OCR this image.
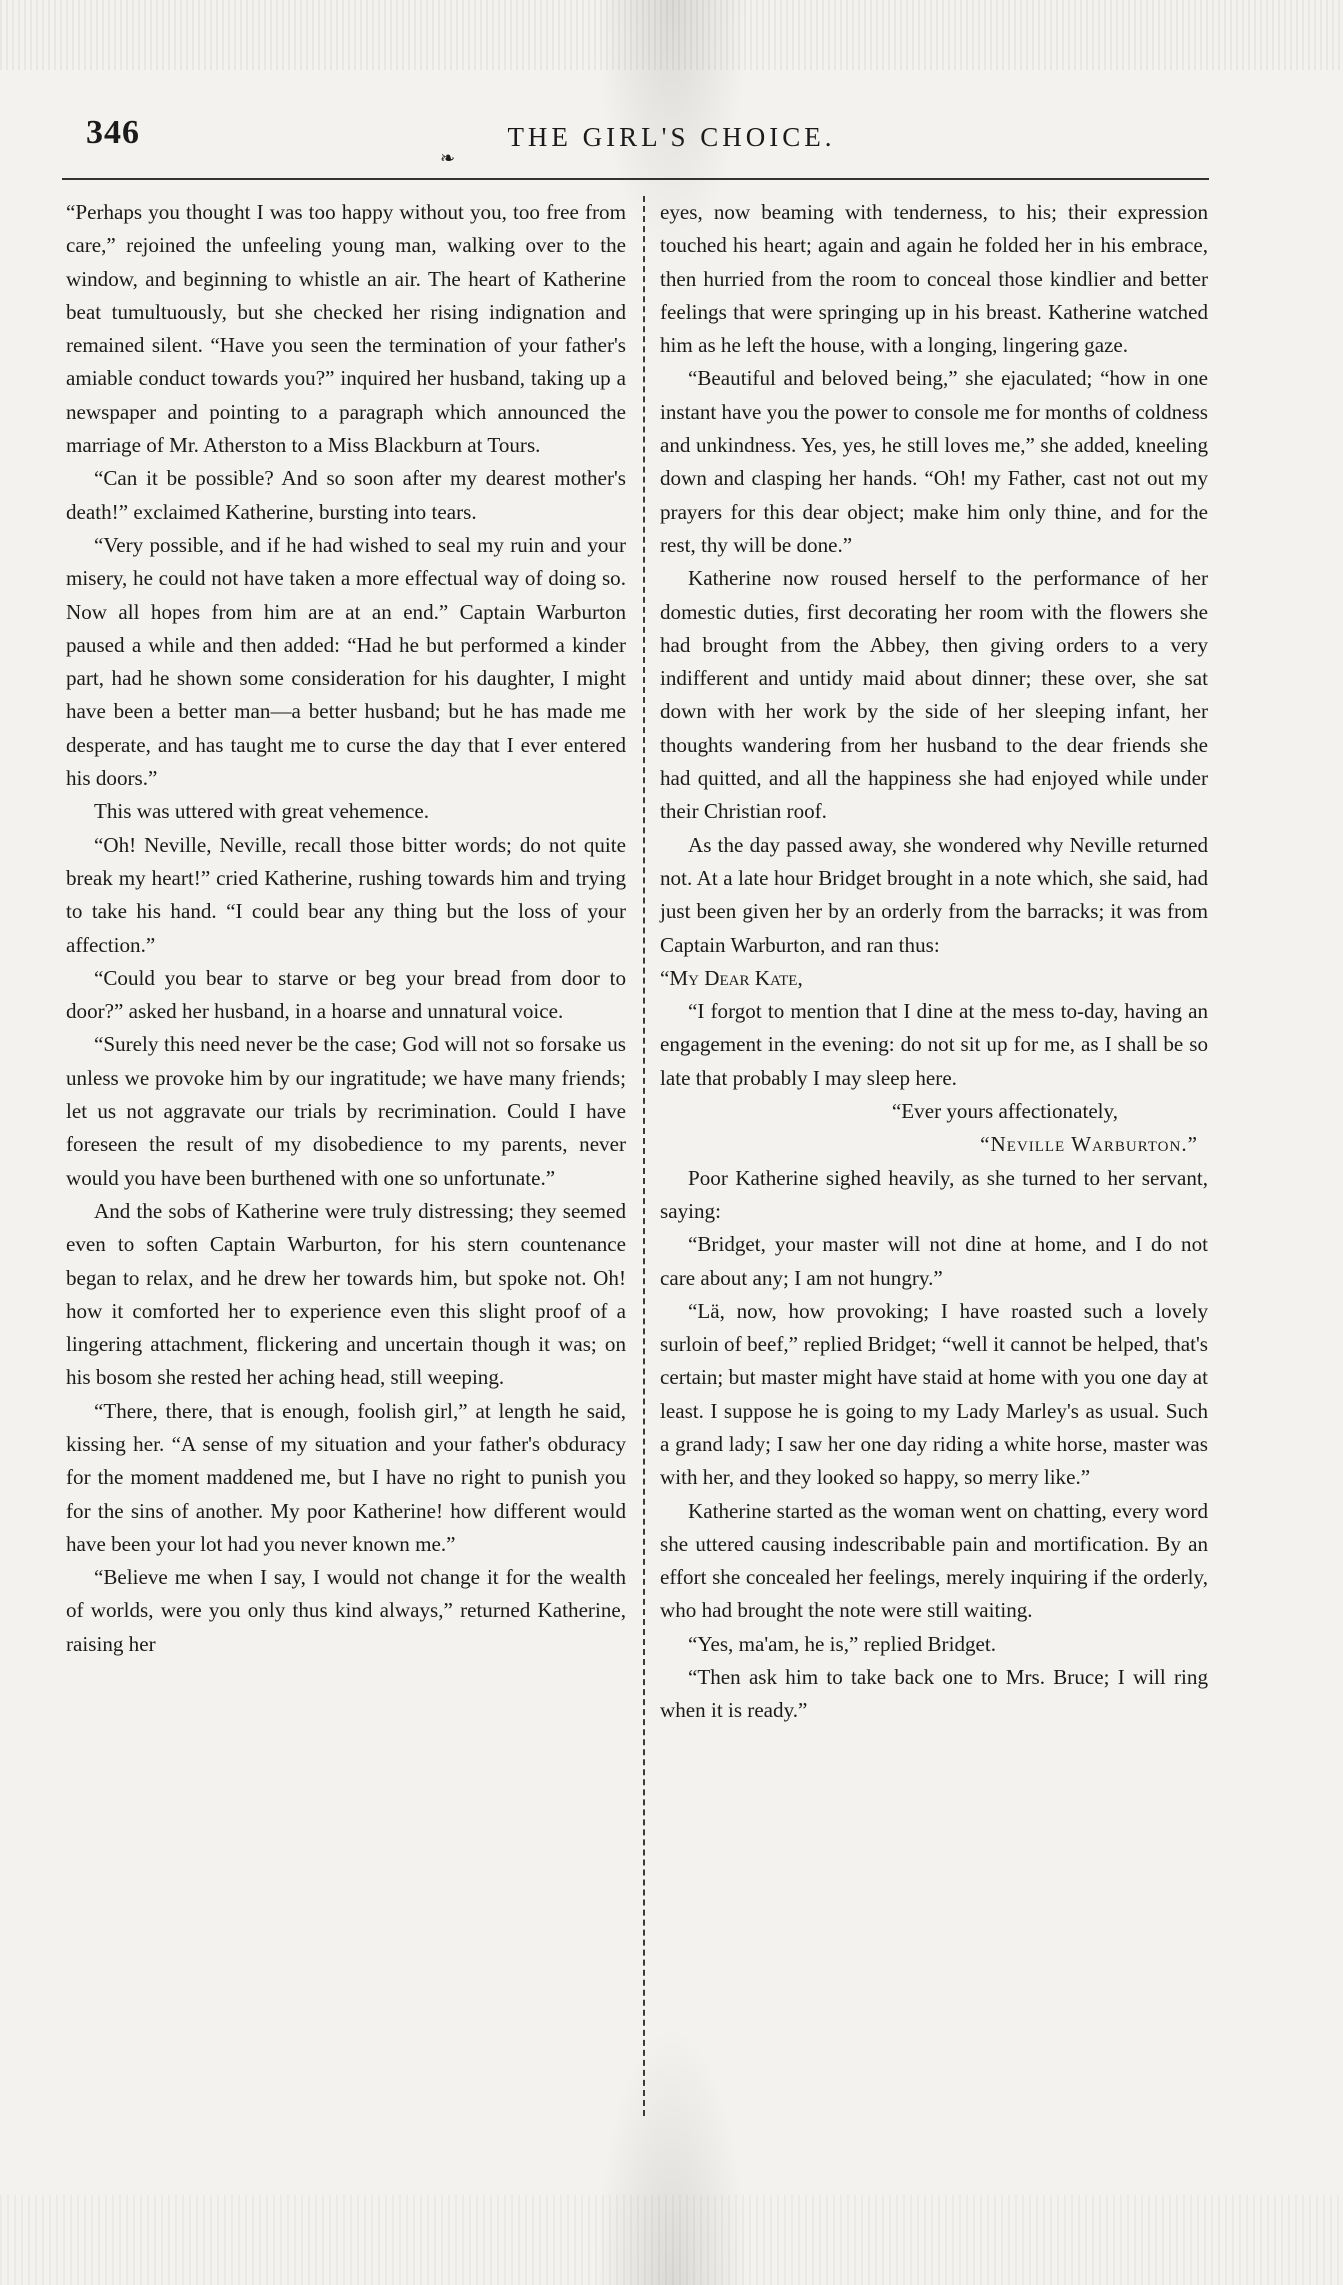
346	THE GIRL'S CHOICE.
❧

“Perhaps you thought I was too happy without you, too free from care,” rejoined the unfeeling young man, walking over to the window, and beginning to whistle an air. The heart of Katherine beat tumultuously, but she checked her rising indignation and remained silent. “Have you seen the termination of your father's amiable conduct towards you?” inquired her husband, taking up a newspaper and pointing to a paragraph which announced the marriage of Mr. Atherston to a Miss Blackburn at Tours.

“Can it be possible? And so soon after my dearest mother's death!” exclaimed Katherine, bursting into tears.

“Very possible, and if he had wished to seal my ruin and your misery, he could not have taken a more effectual way of doing so. Now all hopes from him are at an end.” Captain Warburton paused a while and then added: “Had he but performed a kinder part, had he shown some consideration for his daughter, I might have been a better man—a better husband; but he has made me desperate, and has taught me to curse the day that I ever entered his doors.”

This was uttered with great vehemence.

“Oh! Neville, Neville, recall those bitter words; do not quite break my heart!” cried Katherine, rushing towards him and trying to take his hand. “I could bear any thing but the loss of your affection.”

“Could you bear to starve or beg your bread from door to door?” asked her husband, in a hoarse and unnatural voice.

“Surely this need never be the case; God will not so forsake us unless we provoke him by our ingratitude; we have many friends; let us not aggravate our trials by recrimination. Could I have foreseen the result of my disobedience to my parents, never would you have been burthened with one so unfortunate.”

And the sobs of Katherine were truly distressing; they seemed even to soften Captain Warburton, for his stern countenance began to relax, and he drew her towards him, but spoke not. Oh! how it comforted her to experience even this slight proof of a lingering attachment, flickering and uncertain though it was; on his bosom she rested her aching head, still weeping.

“There, there, that is enough, foolish girl,” at length he said, kissing her. “A sense of my situation and your father's obduracy for the moment maddened me, but I have no right to punish you for the sins of another. My poor Katherine! how different would have been your lot had you never known me.”

“Believe me when I say, I would not change it for the wealth of worlds, were you only thus kind always,” returned Katherine, raising her

eyes, now beaming with tenderness, to his; their expression touched his heart; again and again he folded her in his embrace, then hurried from the room to conceal those kindlier and better feelings that were springing up in his breast. Katherine watched him as he left the house, with a longing, lingering gaze.

“Beautiful and beloved being,” she ejaculated; “how in one instant have you the power to console me for months of coldness and unkindness. Yes, yes, he still loves me,” she added, kneeling down and clasping her hands. “Oh! my Father, cast not out my prayers for this dear object; make him only thine, and for the rest, thy will be done.”

Katherine now roused herself to the performance of her domestic duties, first decorating her room with the flowers she had brought from the Abbey, then giving orders to a very indifferent and untidy maid about dinner; these over, she sat down with her work by the side of her sleeping infant, her thoughts wandering from her husband to the dear friends she had quitted, and all the happiness she had enjoyed while under their Christian roof.

As the day passed away, she wondered why Neville returned not. At a late hour Bridget brought in a note which, she said, had just been given her by an orderly from the barracks; it was from Captain Warburton, and ran thus:

“My Dear Kate,

“I forgot to mention that I dine at the mess to-day, having an engagement in the evening: do not sit up for me, as I shall be so late that probably I may sleep here.

“Ever yours affectionately,

“Neville Warburton.”

Poor Katherine sighed heavily, as she turned to her servant, saying:

“Bridget, your master will not dine at home, and I do not care about any; I am not hungry.”

“Lä, now, how provoking; I have roasted such a lovely surloin of beef,” replied Bridget; “well it cannot be helped, that's certain; but master might have staid at home with you one day at least. I suppose he is going to my Lady Marley's as usual. Such a grand lady; I saw her one day riding a white horse, master was with her, and they looked so happy, so merry like.”

Katherine started as the woman went on chatting, every word she uttered causing indescribable pain and mortification. By an effort she concealed her feelings, merely inquiring if the orderly, who had brought the note were still waiting.

“Yes, ma'am, he is,” replied Bridget.

“Then ask him to take back one to Mrs. Bruce; I will ring when it is ready.”
